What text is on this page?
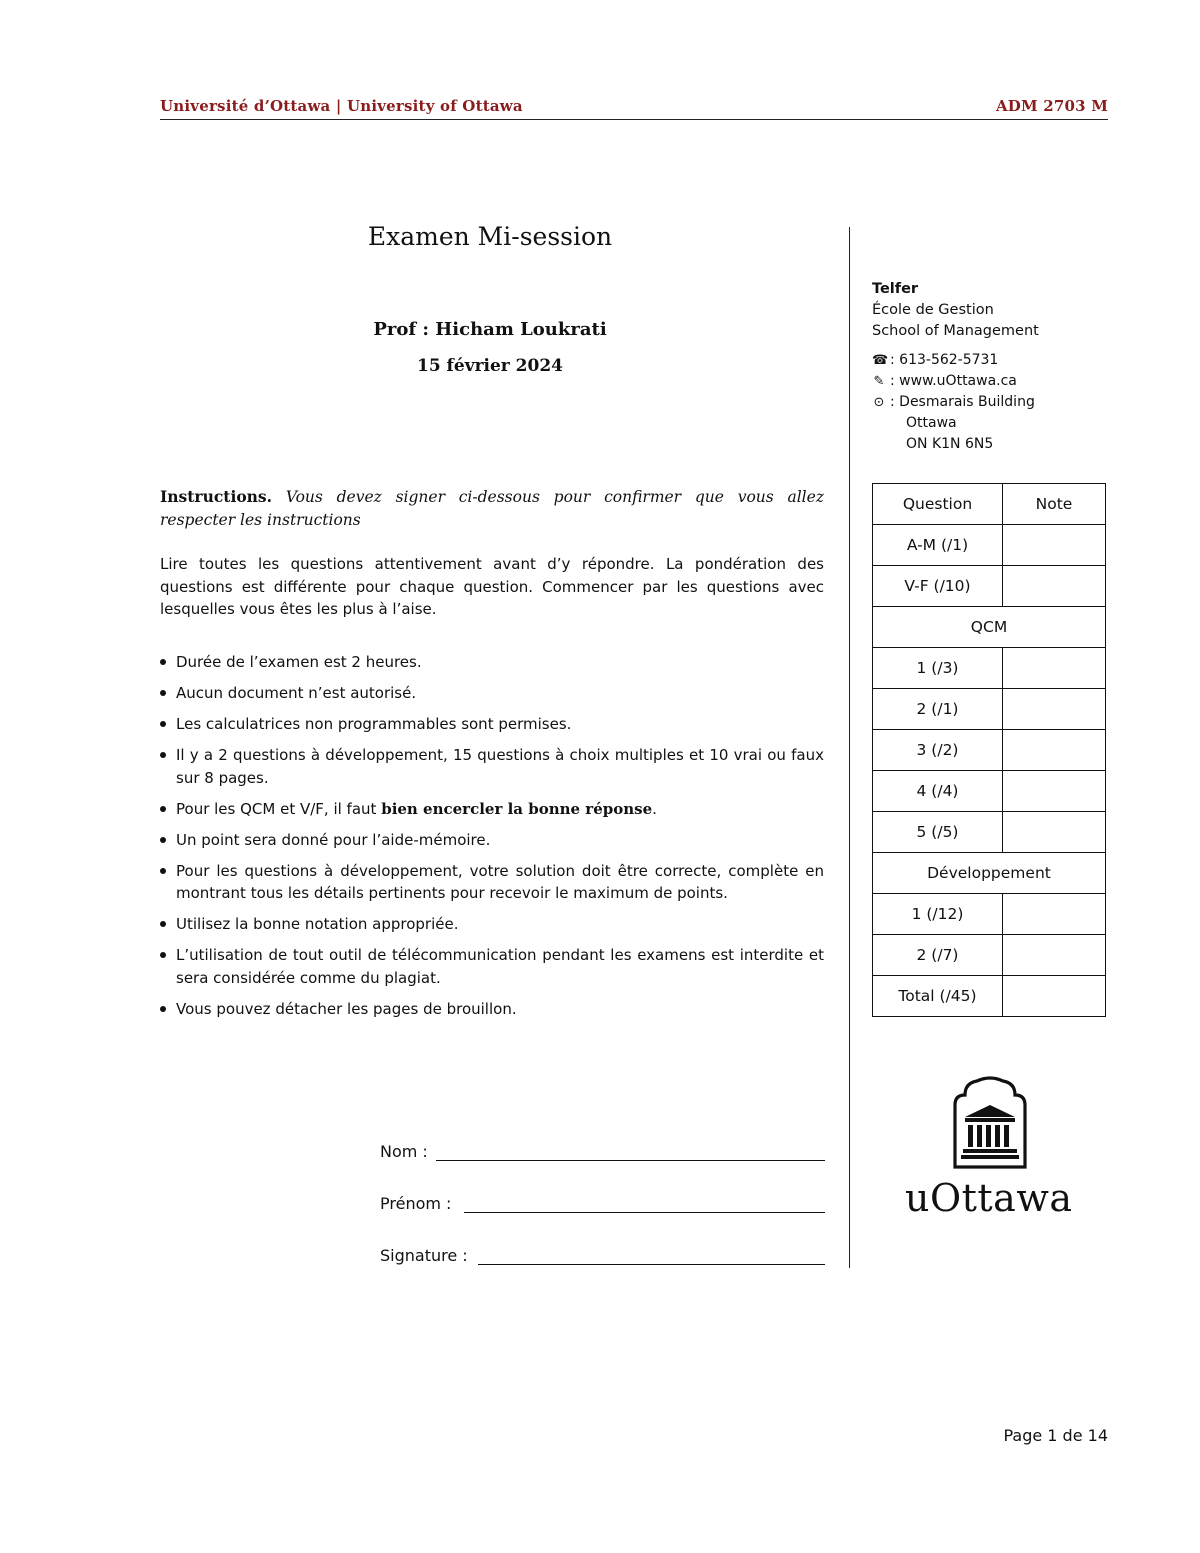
Université d’Ottawa | University of Ottawa	ADM 2703 M
Examen Mi-session
Prof : Hicham Loukrati
15 février 2024
Instructions. Vous devez signer ci-dessous pour confirmer que vous allez respecter les instructions
Lire toutes les questions attentivement avant d’y répondre. La pondération des questions est différente pour chaque question. Commencer par les questions avec lesquelles vous êtes les plus à l’aise.
Durée de l’examen est 2 heures.
Aucun document n’est autorisé.
Les calculatrices non programmables sont permises.
Il y a 2 questions à développement, 15 questions à choix multiples et 10 vrai ou faux sur 8 pages.
Pour les QCM et V/F, il faut bien encercler la bonne réponse.
Un point sera donné pour l’aide-mémoire.
Pour les questions à développement, votre solution doit être correcte, complète en montrant tous les détails pertinents pour recevoir le maximum de points.
Utilisez la bonne notation appropriée.
L’utilisation de tout outil de télécommunication pendant les examens est interdite et sera considérée comme du plagiat.
Vous pouvez détacher les pages de brouillon.
Nom :
Prénom :
Signature :
Telfer
École de Gestion
School of Management
☎ : 613-562-5731
✎ : www.uOttawa.ca
⊙ : Desmarais Building
Ottawa
ON K1N 6N5
Question	Note
A-M (/1)	
V-F (/10)	
QCM	
1 (/3)	
2 (/1)	
3 (/2)	
4 (/4)	
5 (/5)	
Développement	
1 (/12)	
2 (/7)	
Total (/45)	
uOttawa
Page 1 de 14
